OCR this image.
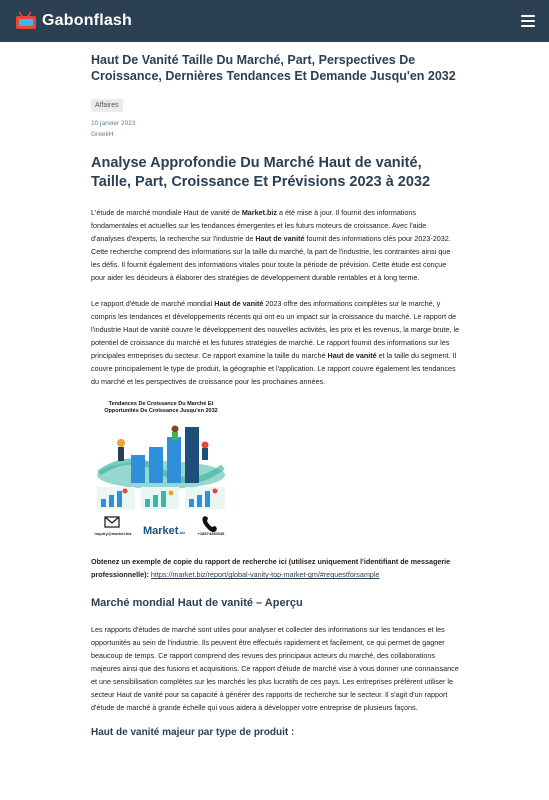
Gabonflash
Haut De Vanité Taille Du Marché, Part, Perspectives De Croissance, Dernières Tendances Et Demande Jusqu'en 2032
Affaires
10 janvier 2023
GreekH
Analyse Approfondie Du Marché Haut de vanité, Taille, Part, Croissance Et Prévisions 2023 à 2032

L'étude de marché mondiale Haut de vanité de Market.biz a été mise à jour. Il fournit des informations fondamentales et actuelles sur les tendances émergentes et les futurs moteurs de croissance. Avec l'aide d'analyses d'experts, la recherche sur l'industrie de Haut de vanité fournit des informations clés pour 2023-2032. Cette recherche comprend des informations sur la taille du marché, la part de l'industrie, les contraintes ainsi que les défis. Il fournit également des informations vitales pour toute la période de prévision. Cette étude est conçue pour aider les décideurs à élaborer des stratégies de développement durable rentables et à long terme.

Le rapport d'étude de marché mondial Haut de vanité 2023 offre des informations complètes sur le marché, y compris les tendances et développements récents qui ont eu un impact sur la croissance du marché. Le rapport de l'industrie Haut de vanité couvre le développement des nouvelles activités, les prix et les revenus, la marge brute, le potentiel de croissance du marché et les futures stratégies de marché. Le rapport fournit des informations sur les principales entreprises du secteur. Ce rapport examine la taille du marché Haut de vanité et la taille du segment. Il couvre principalement le type de produit, la géographie et l'application. Le rapport couvre également les tendances du marché et les perspectives de croissance pour les prochaines années.

Tendances De Croissance Du Marché Et
Opportunités De Croissance Jusqu'en 2032
inquiry@market.biz	Market.biz	+18574450045

Obtenez un exemple de copie du rapport de recherche ici (utilisez uniquement l'identifiant de messagerie professionnelle): https://market.biz/report/global-vanity-top-market-gm/#requestforsample

Marché mondial Haut de vanité – Aperçu

Les rapports d'études de marché sont utiles pour analyser et collecter des informations sur les tendances et les opportunités au sein de l'industrie. Ils peuvent être effectués rapidement et facilement, ce qui permet de gagner beaucoup de temps. Ce rapport comprend des revues des principaux acteurs du marché, des collaborations majeures ainsi que des fusions et acquisitions. Ce rapport d'étude de marché vise à vous donner une connaissance et une sensibilisation complètes sur les marchés les plus lucratifs de ces pays. Les entreprises préfèrent utiliser le secteur Haut de vanité pour sa capacité à générer des rapports de recherche sur le secteur. Il s'agit d'un rapport d'étude de marché à grande échelle qui vous aidera à développer votre entreprise de plusieurs façons.

Haut de vanité majeur par type de produit :
